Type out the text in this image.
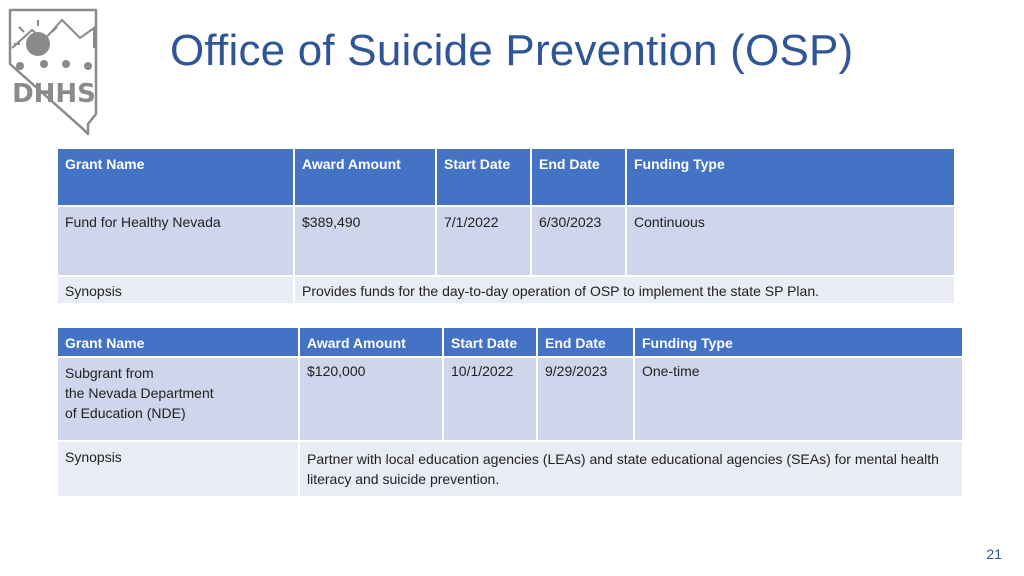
DHHS
Office of Suicide Prevention (OSP)
Grant Name	Award Amount	Start Date	End Date	Funding Type
Fund for Healthy Nevada	$389,490	7/1/2022	6/30/2023	Continuous
Synopsis	Provides funds for the day-to-day operation of OSP to implement the state SP Plan.			
Grant Name	Award Amount	Start Date	End Date	Funding Type
Subgrant from
the Nevada Department
of Education (NDE)	$120,000	10/1/2022	9/29/2023	One-time
Synopsis	Partner with local education agencies (LEAs) and state educational agencies (SEAs) for mental health literacy and suicide prevention.			
21
